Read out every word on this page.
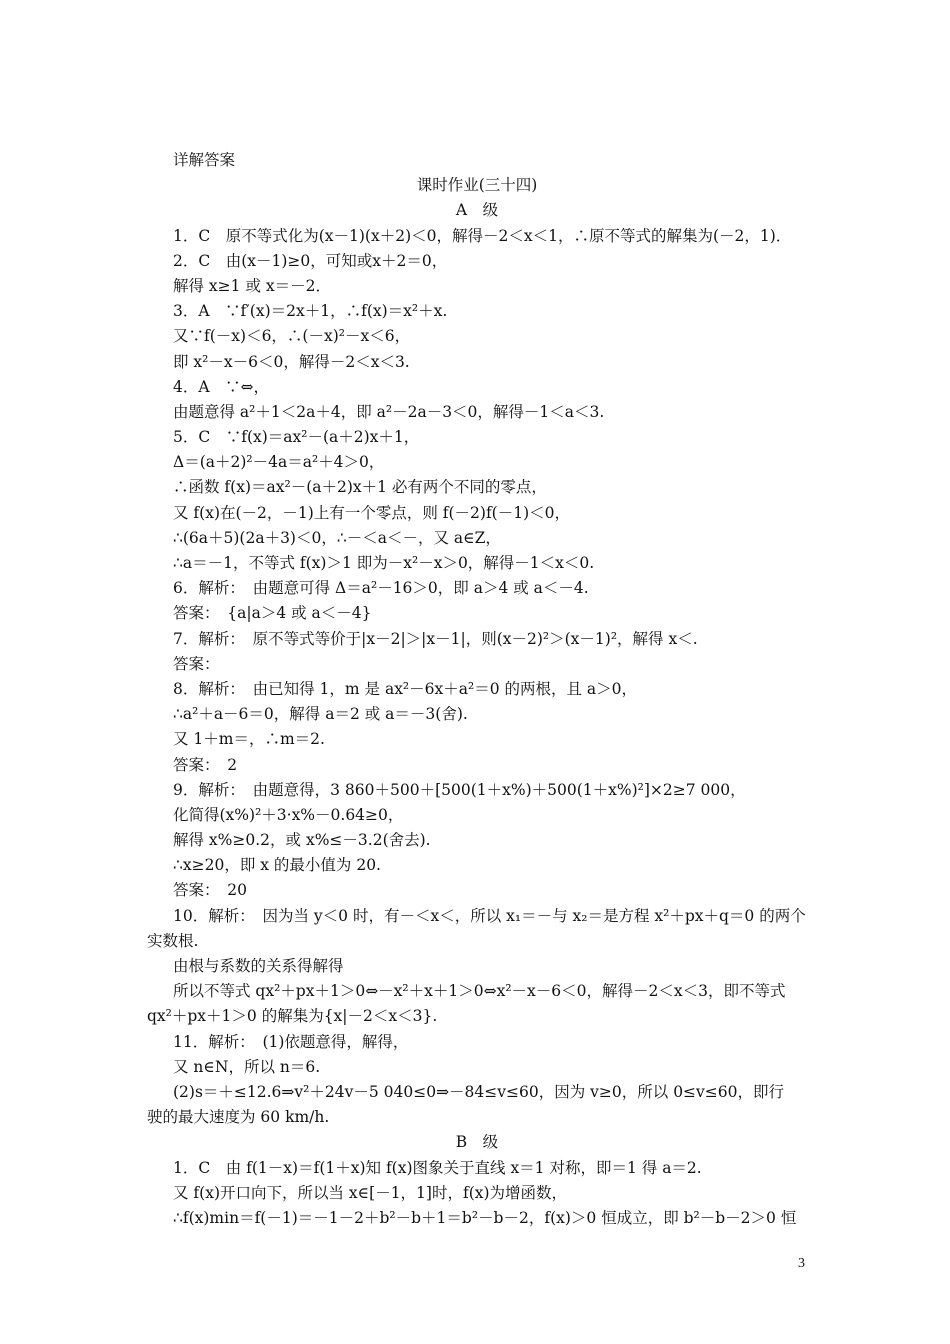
详解答案
课时作业(三十四)
A　级
1．C　原不等式化为(x－1)(x＋2)＜0，解得－2＜x＜1，∴原不等式的解集为(－2，1)．
2．C　由(x－1)≥0，可知或x＋2＝0，
解得 x≥1 或 x＝－2．
3．A　∵f′(x)＝2x＋1，∴f(x)＝x²＋x.
又∵f(－x)＜6，∴(－x)²－x＜6，
即 x²－x－6＜0，解得－2＜x＜3.
4．A　∵⇔，
由题意得 a²＋1＜2a＋4，即 a²－2a－3＜0，解得－1＜a＜3.
5．C　∵f(x)＝ax²－(a＋2)x＋1，
Δ＝(a＋2)²－4a＝a²＋4＞0，
∴函数 f(x)＝ax²－(a＋2)x＋1 必有两个不同的零点，
又 f(x)在(－2，－1)上有一个零点，则 f(－2)f(－1)＜0，
∴(6a＋5)(2a＋3)＜0，∴－＜a＜－，又 a∈Z，
∴a＝－1，不等式 f(x)＞1 即为－x²－x＞0，解得－1＜x＜0.
6．解析：　由题意可得 Δ＝a²－16＞0，即 a＞4 或 a＜－4.
答案：　{a|a＞4 或 a＜－4}
7．解析：　原不等式等价于|x－2|＞|x－1|，则(x－2)²＞(x－1)²，解得 x＜.
答案：
8．解析：　由已知得 1，m 是 ax²－6x＋a²＝0 的两根，且 a＞0，
∴a²＋a－6＝0，解得 a＝2 或 a＝－3(舍).
又 1＋m＝，∴m＝2.
答案：　2
9．解析：　由题意得，3 860＋500＋[500(1＋x%)＋500(1＋x%)²]×2≥7 000，
化简得(x%)²＋3·x%－0.64≥0，
解得 x%≥0.2，或 x%≤－3.2(舍去).
∴x≥20，即 x 的最小值为 20.
答案：　20
10．解析：　因为当 y＜0 时，有－＜x＜，所以 x₁＝－与 x₂＝是方程 x²＋px＋q＝0 的两个
实数根.
由根与系数的关系得解得
所以不等式 qx²＋px＋1＞0⇔－x²＋x＋1＞0⇔x²－x－6＜0，解得－2＜x＜3，即不等式
qx²＋px＋1＞0 的解集为{x|－2＜x＜3}.
11．解析：　(1)依题意得，解得，
又 n∈N，所以 n＝6.
(2)s＝＋≤12.6⇒v²＋24v－5 040≤0⇒－84≤v≤60，因为 v≥0，所以 0≤v≤60，即行
驶的最大速度为 60 km/h.
B　级
1．C　由 f(1－x)＝f(1＋x)知 f(x)图象关于直线 x＝1 对称，即＝1 得 a＝2.
又 f(x)开口向下，所以当 x∈[－1，1]时，f(x)为增函数，
∴f(x)min＝f(－1)＝－1－2＋b²－b＋1＝b²－b－2，f(x)＞0 恒成立，即 b²－b－2＞0 恒
3
